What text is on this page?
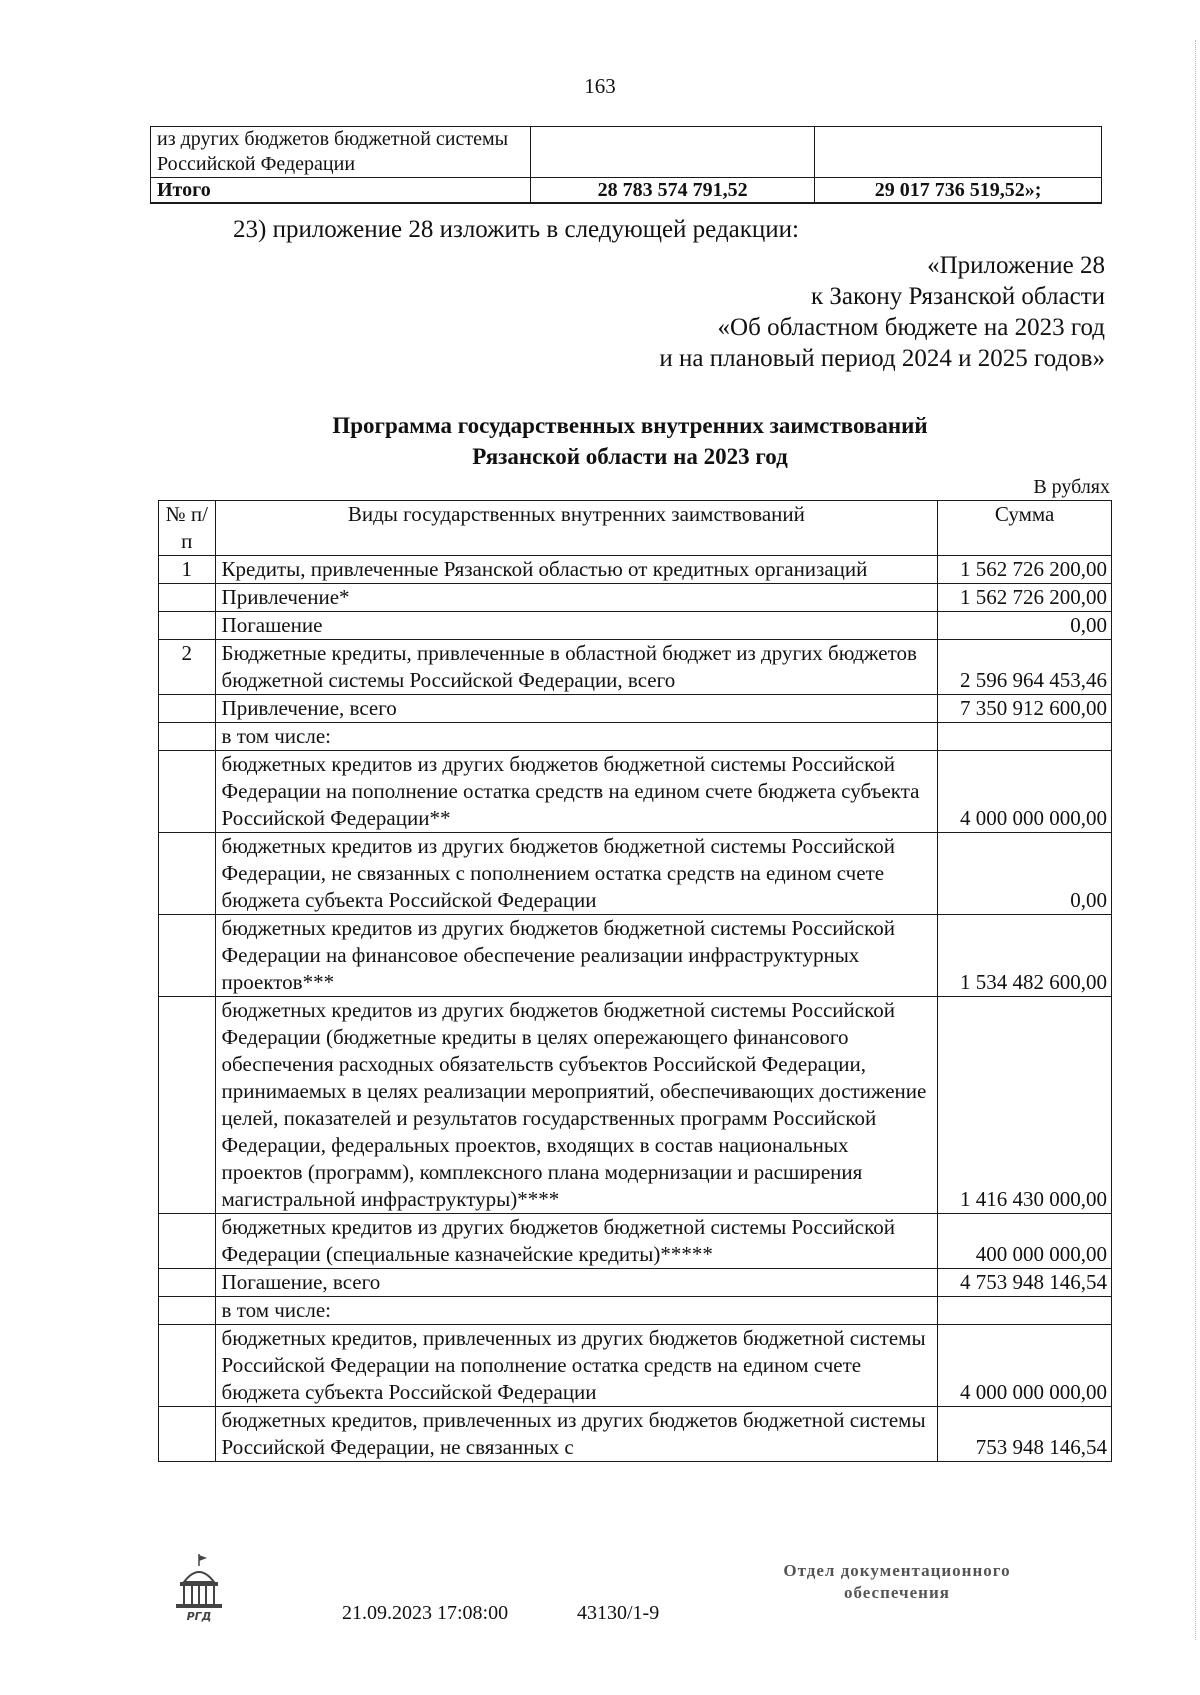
163
из других бюджетов бюджетной системы Российской Федерации		
Итого	28 783 574 791,52	29 017 736 519,52»;
23) приложение 28 изложить в следующей редакции:
«Приложение 28
к Закону Рязанской области
«Об областном бюджете на 2023 год
и на плановый период 2024 и 2025 годов»
Программа государственных внутренних заимствований
Рязанской области на 2023 год
В рублях
№ п/п	Виды государственных внутренних заимствований	Сумма
1	Кредиты, привлеченные Рязанской областью от кредитных организаций	1 562 726 200,00
	Привлечение*	1 562 726 200,00
	Погашение	0,00
2	Бюджетные кредиты, привлеченные в областной бюджет из других бюджетов бюджетной системы Российской Федерации, всего	2 596 964 453,46
	Привлечение, всего	7 350 912 600,00
	в том числе:	
	бюджетных кредитов из других бюджетов бюджетной системы Российской Федерации на пополнение остатка средств на едином счете бюджета субъекта Российской Федерации**	4 000 000 000,00
	бюджетных кредитов из других бюджетов бюджетной системы Российской Федерации, не связанных с пополнением остатка средств на едином счете бюджета субъекта Российской Федерации	0,00
	бюджетных кредитов из других бюджетов бюджетной системы Российской Федерации на финансовое обеспечение реализации инфраструктурных проектов***	1 534 482 600,00
	бюджетных кредитов из других бюджетов бюджетной системы Российской Федерации (бюджетные кредиты в целях опережающего финансового обеспечения расходных обязательств субъектов Российской Федерации, принимаемых в целях реализации мероприятий, обеспечивающих достижение целей, показателей и результатов государственных программ Российской Федерации, федеральных проектов, входящих в состав национальных проектов (программ), комплексного плана модернизации и расширения магистральной инфраструктуры)****	1 416 430 000,00
	бюджетных кредитов из других бюджетов бюджетной системы Российской Федерации (специальные казначейские кредиты)*****	400 000 000,00
	Погашение, всего	4 753 948 146,54
	в том числе:	
	бюджетных кредитов, привлеченных из других бюджетов бюджетной системы Российской Федерации на пополнение остатка средств на едином счете бюджета субъекта Российской Федерации	4 000 000 000,00
	бюджетных кредитов, привлеченных из других бюджетов бюджетной системы Российской Федерации, не связанных с	753 948 146,54
РГД	21.09.2023 17:08:00	43130/1-9
Отдел документационного
обеспечения
